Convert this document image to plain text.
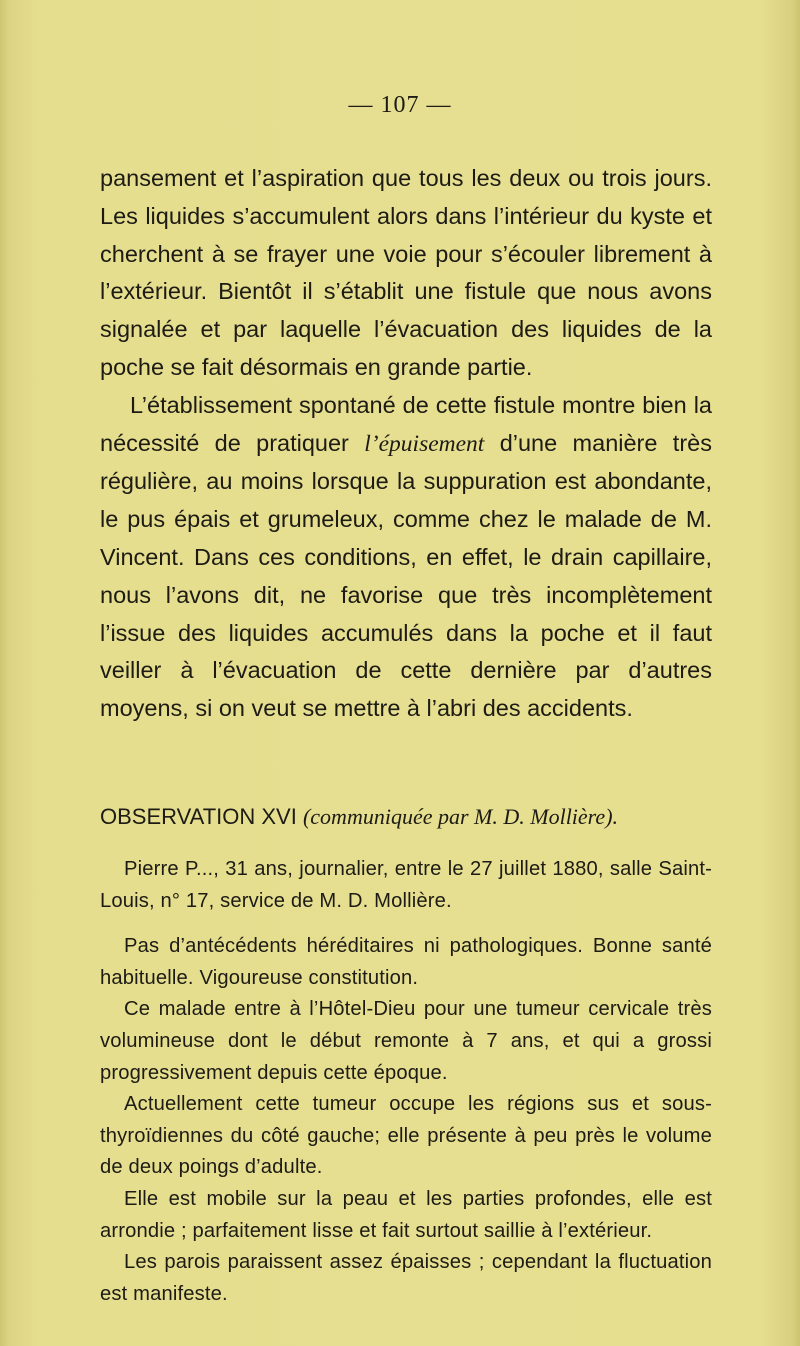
— 107 —

pansement et l’aspiration que tous les deux ou trois jours. Les liquides s’accumulent alors dans l’intérieur du kyste et cherchent à se frayer une voie pour s’écouler librement à l’extérieur. Bientôt il s’établit une fistule que nous avons signalée et par laquelle l’évacuation des liquides de la poche se fait désormais en grande partie.

L’établissement spontané de cette fistule montre bien la nécessité de pratiquer l’épuisement d’une manière très régulière, au moins lorsque la suppuration est abondante, le pus épais et grumeleux, comme chez le malade de M. Vincent. Dans ces conditions, en effet, le drain capillaire, nous l’avons dit, ne favorise que très incomplètement l’issue des liquides accumulés dans la poche et il faut veiller à l’évacuation de cette dernière par d’autres moyens, si on veut se mettre à l’abri des accidents.

OBSERVATION XVI (communiquée par M. D. Mollière).

Pierre P..., 31 ans, journalier, entre le 27 juillet 1880, salle Saint-Louis, n° 17, service de M. D. Mollière.

Pas d’antécédents héréditaires ni pathologiques. Bonne santé habituelle. Vigoureuse constitution.

Ce malade entre à l’Hôtel-Dieu pour une tumeur cervicale très volumineuse dont le début remonte à 7 ans, et qui a grossi progressivement depuis cette époque.

Actuellement cette tumeur occupe les régions sus et sous-thyroïdiennes du côté gauche; elle présente à peu près le volume de deux poings d’adulte.

Elle est mobile sur la peau et les parties profondes, elle est arrondie ; parfaitement lisse et fait surtout saillie à l’extérieur.

Les parois paraissent assez épaisses ; cependant la fluctuation est manifeste.
